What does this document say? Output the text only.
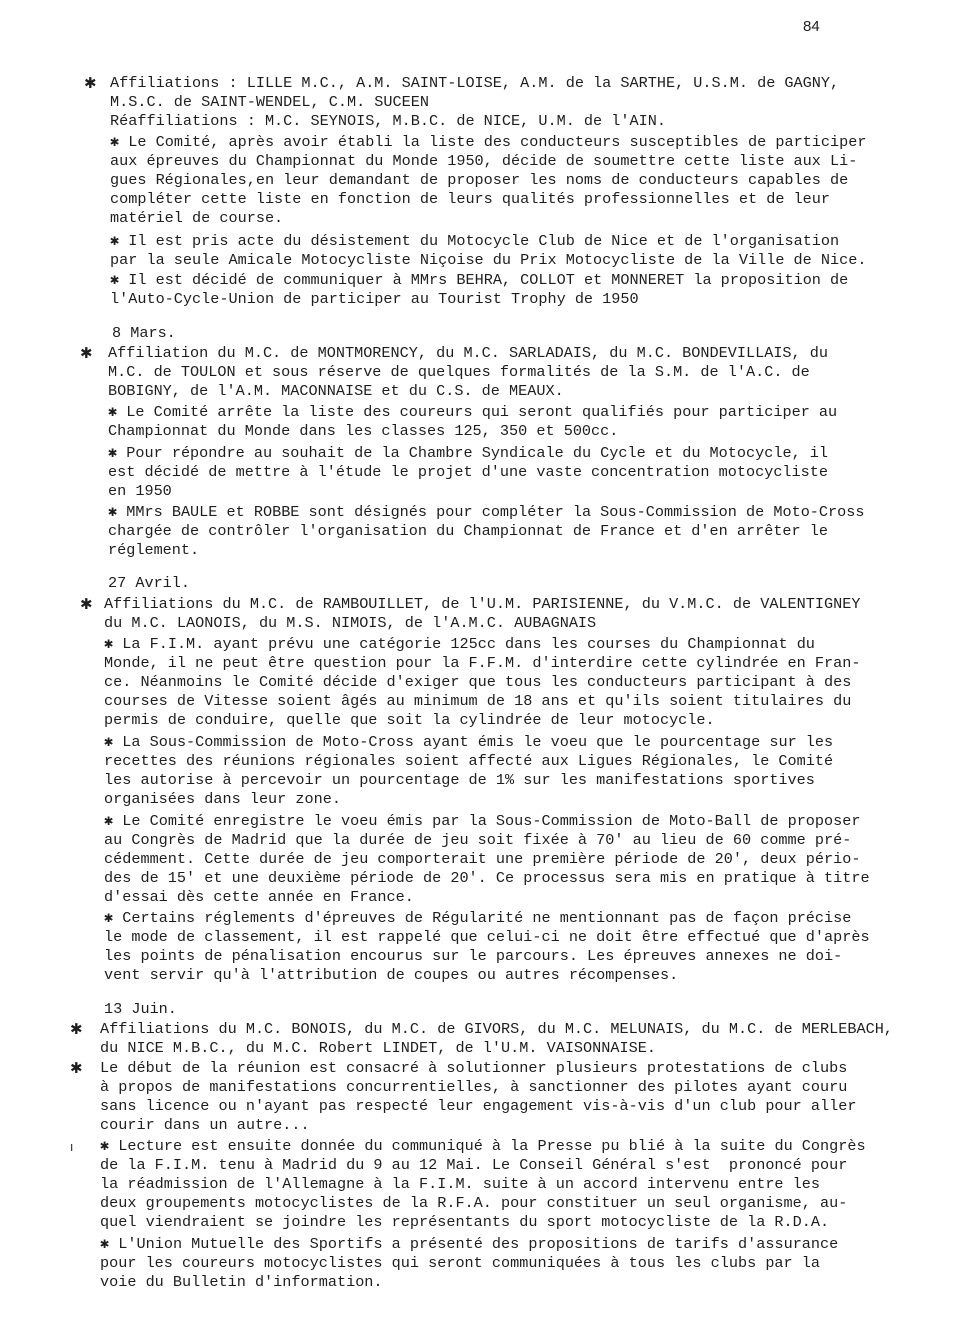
84
✱ Affiliations : LILLE M.C., A.M. SAINT-LOISE, A.M. de la SARTHE, U.S.M. de GAGNY,
M.S.C. de SAINT-WENDEL, C.M. SUCEEN
Réaffiliations : M.C. SEYNOIS, M.B.C. de NICE, U.M. de l'AIN.
✱ Le Comité, après avoir établi la liste des conducteurs susceptibles de participer
aux épreuves du Championnat du Monde 1950, décide de soumettre cette liste aux Li-
gues Régionales,en leur demandant de proposer les noms de conducteurs capables de
compléter cette liste en fonction de leurs qualités professionnelles et de leur
matériel de course.
✱ Il est pris acte du désistement du Motocycle Club de Nice et de l'organisation
par la seule Amicale Motocycliste Niçoise du Prix Motocycliste de la Ville de Nice.
✱ Il est décidé de communiquer à MMrs BEHRA, COLLOT et MONNERET la proposition de
l'Auto-Cycle-Union de participer au Tourist Trophy de 1950
8 Mars.
✱ Affiliation du M.C. de MONTMORENCY, du M.C. SARLADAIS, du M.C. BONDEVILLAIS, du
M.C. de TOULON et sous réserve de quelques formalités de la S.M. de l'A.C. de
BOBIGNY, de l'A.M. MACONNAISE et du C.S. de MEAUX.
✱ Le Comité arrête la liste des coureurs qui seront qualifiés pour participer au
Championnat du Monde dans les classes 125, 350 et 500cc.
✱ Pour répondre au souhait de la Chambre Syndicale du Cycle et du Motocycle, il
est décidé de mettre à l'étude le projet d'une vaste concentration motocycliste
en 1950
✱ MMrs BAULE et ROBBE sont désignés pour compléter la Sous-Commission de Moto-Cross
chargée de contrôler l'organisation du Championnat de France et d'en arrêter le
réglement.
27 Avril.
✱ Affiliations du M.C. de RAMBOUILLET, de l'U.M. PARISIENNE, du V.M.C. de VALENTIGNEY
du M.C. LAONOIS, du M.S. NIMOIS, de l'A.M.C. AUBAGNAIS
✱ La F.I.M. ayant prévu une catégorie 125cc dans les courses du Championnat du
Monde, il ne peut être question pour la F.F.M. d'interdire cette cylindrée en Fran-
ce. Néanmoins le Comité décide d'exiger que tous les conducteurs participant à des
courses de Vitesse soient âgés au minimum de 18 ans et qu'ils soient titulaires du
permis de conduire, quelle que soit la cylindrée de leur motocycle.
✱ La Sous-Commission de Moto-Cross ayant émis le voeu que le pourcentage sur les
recettes des réunions régionales soient affecté aux Ligues Régionales, le Comité
les autorise à percevoir un pourcentage de 1% sur les manifestations sportives
organisées dans leur zone.
✱ Le Comité enregistre le voeu émis par la Sous-Commission de Moto-Ball de proposer
au Congrès de Madrid que la durée de jeu soit fixée à 70' au lieu de 60 comme pré-
cédemment. Cette durée de jeu comporterait une première période de 20', deux pério-
des de 15' et une deuxième période de 20'. Ce processus sera mis en pratique à titre
d'essai dès cette année en France.
✱ Certains réglements d'épreuves de Régularité ne mentionnant pas de façon précise
le mode de classement, il est rappelé que celui-ci ne doit être effectué que d'après
les points de pénalisation encourus sur le parcours. Les épreuves annexes ne doi-
vent servir qu'à l'attribution de coupes ou autres récompenses.
13 Juin.
✱ Affiliations du M.C. BONOIS, du M.C. de GIVORS, du M.C. MELUNAIS, du M.C. de MERLEBACH,
du NICE M.B.C., du M.C. Robert LINDET, de l'U.M. VAISONNAISE.
✱ Le début de la réunion est consacré à solutionner plusieurs protestations de clubs
à propos de manifestations concurrentielles, à sanctionner des pilotes ayant couru
sans licence ou n'ayant pas respecté leur engagement vis-à-vis d'un club pour aller
courir dans un autre...
ı ✱ Lecture est ensuite donnée du communiqué à la Presse pu blié à la suite du Congrès
de la F.I.M. tenu à Madrid du 9 au 12 Mai. Le Conseil Général s'est  prononcé pour
la réadmission de l'Allemagne à la F.I.M. suite à un accord intervenu entre les
deux groupements motocyclistes de la R.F.A. pour constituer un seul organisme, au-
quel viendraient se joindre les représentants du sport motocycliste de la R.D.A.
✱ L'Union Mutuelle des Sportifs a présenté des propositions de tarifs d'assurance
pour les coureurs motocyclistes qui seront communiquées à tous les clubs par la
voie du Bulletin d'information.
